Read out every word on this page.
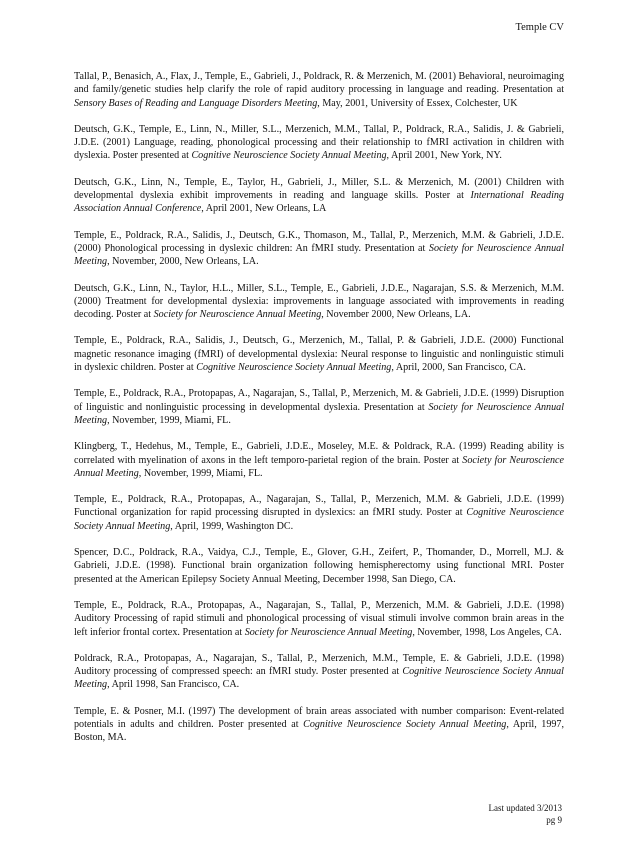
Temple CV

Tallal, P., Benasich, A., Flax, J., Temple, E., Gabrieli, J., Poldrack, R. & Merzenich, M. (2001) Behavioral, neuroimaging and family/genetic studies help clarify the role of rapid auditory processing in language and reading. Presentation at Sensory Bases of Reading and Language Disorders Meeting, May, 2001, University of Essex, Colchester, UK

Deutsch, G.K., Temple, E., Linn, N., Miller, S.L., Merzenich, M.M., Tallal, P., Poldrack, R.A., Salidis, J. & Gabrieli, J.D.E. (2001) Language, reading, phonological processing and their relationship to fMRI activation in children with dyslexia. Poster presented at Cognitive Neuroscience Society Annual Meeting, April 2001, New York, NY.

Deutsch, G.K., Linn, N., Temple, E., Taylor, H., Gabrieli, J., Miller, S.L. & Merzenich, M. (2001) Children with developmental dyslexia exhibit improvements in reading and language skills. Poster at International Reading Association Annual Conference, April 2001, New Orleans, LA

Temple, E., Poldrack, R.A., Salidis, J., Deutsch, G.K., Thomason, M., Tallal, P., Merzenich, M.M. & Gabrieli, J.D.E. (2000) Phonological processing in dyslexic children: An fMRI study. Presentation at Society for Neuroscience Annual Meeting, November, 2000, New Orleans, LA.

Deutsch, G.K., Linn, N., Taylor, H.L., Miller, S.L., Temple, E., Gabrieli, J.D.E., Nagarajan, S.S. & Merzenich, M.M. (2000) Treatment for developmental dyslexia: improvements in language associated with improvements in reading decoding. Poster at Society for Neuroscience Annual Meeting, November 2000, New Orleans, LA.

Temple, E., Poldrack, R.A., Salidis, J., Deutsch, G., Merzenich, M., Tallal, P. & Gabrieli, J.D.E. (2000) Functional magnetic resonance imaging (fMRI) of developmental dyslexia: Neural response to linguistic and nonlinguistic stimuli in dyslexic children. Poster at Cognitive Neuroscience Society Annual Meeting, April, 2000, San Francisco, CA.

Temple, E., Poldrack, R.A., Protopapas, A., Nagarajan, S., Tallal, P., Merzenich, M. & Gabrieli, J.D.E. (1999) Disruption of linguistic and nonlinguistic processing in developmental dyslexia. Presentation at Society for Neuroscience Annual Meeting, November, 1999, Miami, FL.

Klingberg, T., Hedehus, M., Temple, E., Gabrieli, J.D.E., Moseley, M.E. & Poldrack, R.A. (1999) Reading ability is correlated with myelination of axons in the left temporo-parietal region of the brain. Poster at Society for Neuroscience Annual Meeting, November, 1999, Miami, FL.

Temple, E., Poldrack, R.A., Protopapas, A., Nagarajan, S., Tallal, P., Merzenich, M.M. & Gabrieli, J.D.E. (1999) Functional organization for rapid processing disrupted in dyslexics: an fMRI study. Poster at Cognitive Neuroscience Society Annual Meeting, April, 1999, Washington DC.

Spencer, D.C., Poldrack, R.A., Vaidya, C.J., Temple, E., Glover, G.H., Zeifert, P., Thomander, D., Morrell, M.J. & Gabrieli, J.D.E. (1998). Functional brain organization following hemispherectomy using functional MRI. Poster presented at the American Epilepsy Society Annual Meeting, December 1998, San Diego, CA.

Temple, E., Poldrack, R.A., Protopapas, A., Nagarajan, S., Tallal, P., Merzenich, M.M. & Gabrieli, J.D.E. (1998) Auditory Processing of rapid stimuli and phonological processing of visual stimuli involve common brain areas in the left inferior frontal cortex. Presentation at Society for Neuroscience Annual Meeting, November, 1998, Los Angeles, CA.

Poldrack, R.A., Protopapas, A., Nagarajan, S., Tallal, P., Merzenich, M.M., Temple, E. & Gabrieli, J.D.E. (1998) Auditory processing of compressed speech: an fMRI study. Poster presented at Cognitive Neuroscience Society Annual Meeting, April 1998, San Francisco, CA.

Temple, E. & Posner, M.I. (1997) The development of brain areas associated with number comparison: Event-related potentials in adults and children. Poster presented at Cognitive Neuroscience Society Annual Meeting, April, 1997, Boston, MA.

Last updated 3/2013
pg 9
